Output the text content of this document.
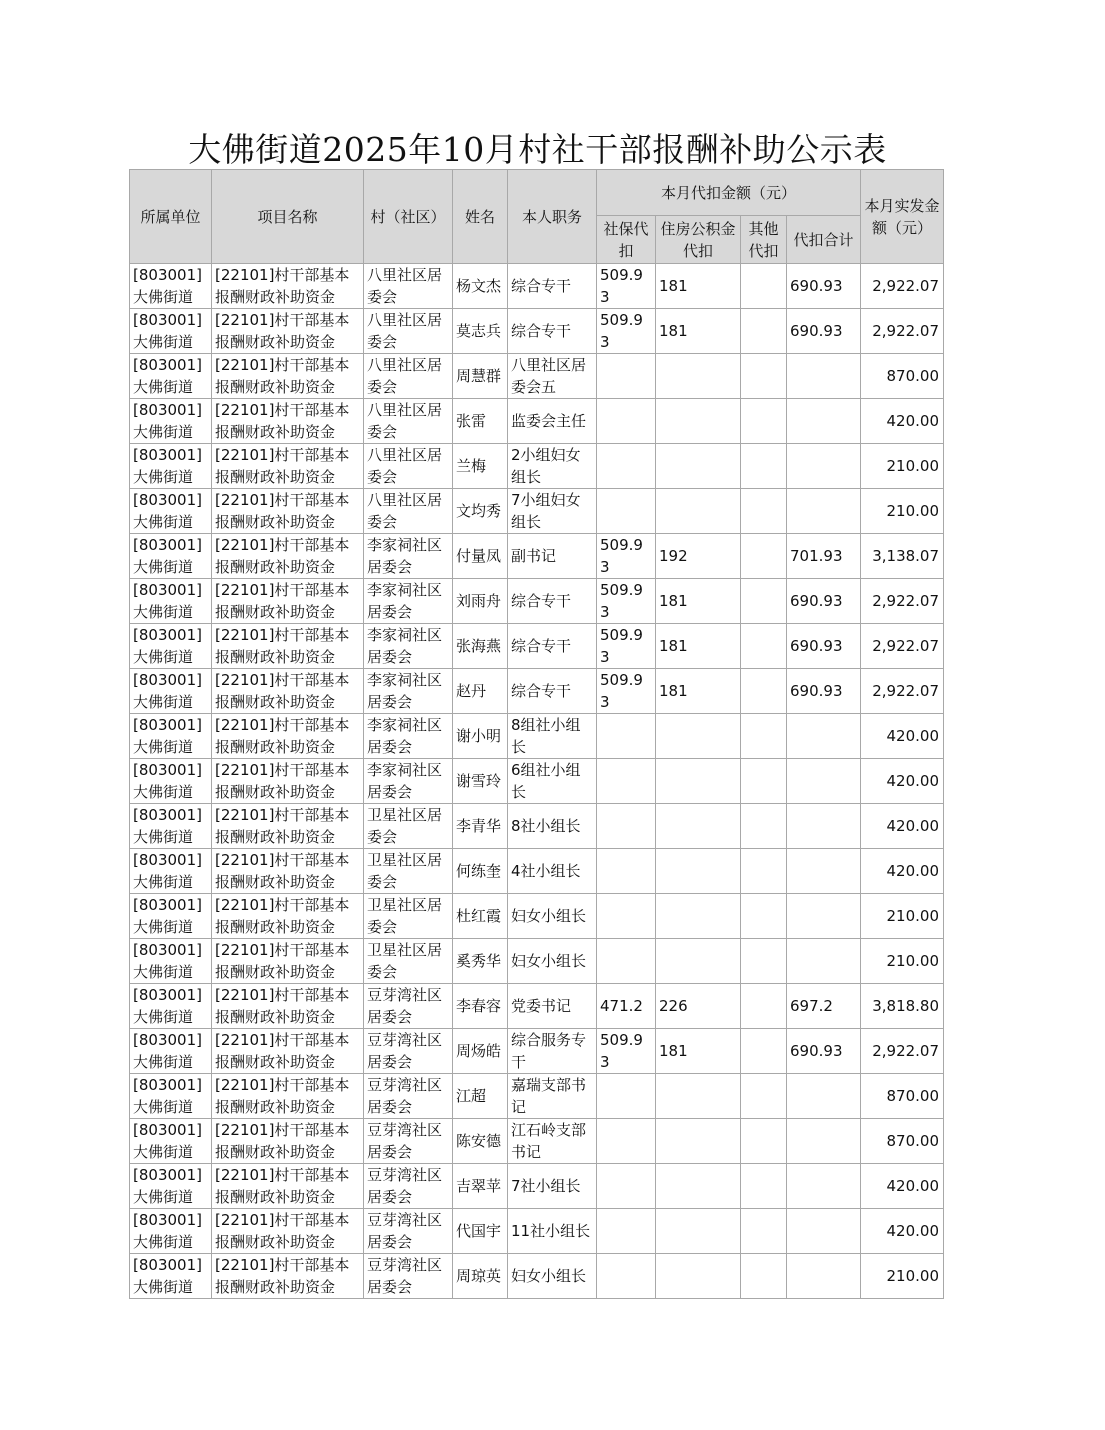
大佛街道2025年10月村社干部报酬补助公示表
所属单位	项目名称	村（社区）	姓名	本人职务	本月代扣金额（元）				本月实发金额（元）
					社保代扣	住房公积金代扣	其他代扣	代扣合计	
[803001]大佛街道	[22101]村干部基本报酬财政补助资金	八里社区居委会	杨文杰	综合专干	509.93	181		690.93	2,922.07
[803001]大佛街道	[22101]村干部基本报酬财政补助资金	八里社区居委会	莫志兵	综合专干	509.93	181		690.93	2,922.07
[803001]大佛街道	[22101]村干部基本报酬财政补助资金	八里社区居委会	周慧群	八里社区居委会五					870.00
[803001]大佛街道	[22101]村干部基本报酬财政补助资金	八里社区居委会	张雷	监委会主任					420.00
[803001]大佛街道	[22101]村干部基本报酬财政补助资金	八里社区居委会	兰梅	2小组妇女组长					210.00
[803001]大佛街道	[22101]村干部基本报酬财政补助资金	八里社区居委会	文均秀	7小组妇女组长					210.00
[803001]大佛街道	[22101]村干部基本报酬财政补助资金	李家祠社区居委会	付量凤	副书记	509.93	192		701.93	3,138.07
[803001]大佛街道	[22101]村干部基本报酬财政补助资金	李家祠社区居委会	刘雨舟	综合专干	509.93	181		690.93	2,922.07
[803001]大佛街道	[22101]村干部基本报酬财政补助资金	李家祠社区居委会	张海燕	综合专干	509.93	181		690.93	2,922.07
[803001]大佛街道	[22101]村干部基本报酬财政补助资金	李家祠社区居委会	赵丹	综合专干	509.93	181		690.93	2,922.07
[803001]大佛街道	[22101]村干部基本报酬财政补助资金	李家祠社区居委会	谢小明	8组社小组长					420.00
[803001]大佛街道	[22101]村干部基本报酬财政补助资金	李家祠社区居委会	谢雪玲	6组社小组长					420.00
[803001]大佛街道	[22101]村干部基本报酬财政补助资金	卫星社区居委会	李青华	8社小组长					420.00
[803001]大佛街道	[22101]村干部基本报酬财政补助资金	卫星社区居委会	何练奎	4社小组长					420.00
[803001]大佛街道	[22101]村干部基本报酬财政补助资金	卫星社区居委会	杜红霞	妇女小组长					210.00
[803001]大佛街道	[22101]村干部基本报酬财政补助资金	卫星社区居委会	奚秀华	妇女小组长					210.00
[803001]大佛街道	[22101]村干部基本报酬财政补助资金	豆芽湾社区居委会	李春容	党委书记	471.2	226		697.2	3,818.80
[803001]大佛街道	[22101]村干部基本报酬财政补助资金	豆芽湾社区居委会	周炀皓	综合服务专干	509.93	181		690.93	2,922.07
[803001]大佛街道	[22101]村干部基本报酬财政补助资金	豆芽湾社区居委会	江超	嘉瑞支部书记					870.00
[803001]大佛街道	[22101]村干部基本报酬财政补助资金	豆芽湾社区居委会	陈安德	江石岭支部书记					870.00
[803001]大佛街道	[22101]村干部基本报酬财政补助资金	豆芽湾社区居委会	吉翠苹	7社小组长					420.00
[803001]大佛街道	[22101]村干部基本报酬财政补助资金	豆芽湾社区居委会	代国宇	11社小组长					420.00
[803001]大佛街道	[22101]村干部基本报酬财政补助资金	豆芽湾社区居委会	周琼英	妇女小组长					210.00
